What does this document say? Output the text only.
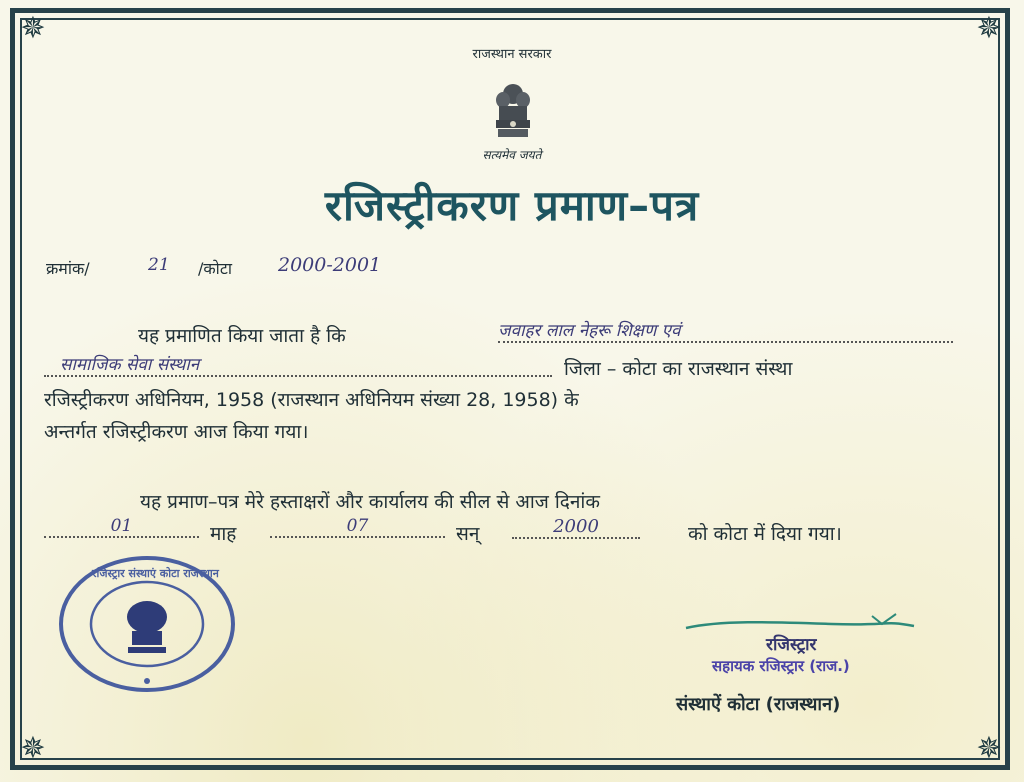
✵	✵
✵	✵
राजस्थान सरकार
सत्यमेव जयते
रजिस्ट्रीकरण प्रमाण–पत्र
क्रमांक/	21 /कोटा 2000-2001
यह प्रमाणित किया जाता है कि	जवाहर लाल नेहरू शिक्षण एवं
सामाजिक सेवा संस्थान	जिला – कोटा का राजस्थान संस्था
रजिस्ट्रीकरण अधिनियम, 1958 (राजस्थान अधिनियम संख्या 28, 1958) के
अन्तर्गत रजिस्ट्रीकरण आज किया गया।
यह प्रमाण–पत्र मेरे हस्ताक्षरों और कार्यालय की सील से आज दिनांक
01	माह	07	सन्	2000	को कोटा में दिया गया।
रजिस्ट्रार संस्थाएं कोटा राजस्थान
रजिस्ट्रार
सहायक रजिस्ट्रार (राज.)
संस्थाऐं कोटा (राजस्थान)
